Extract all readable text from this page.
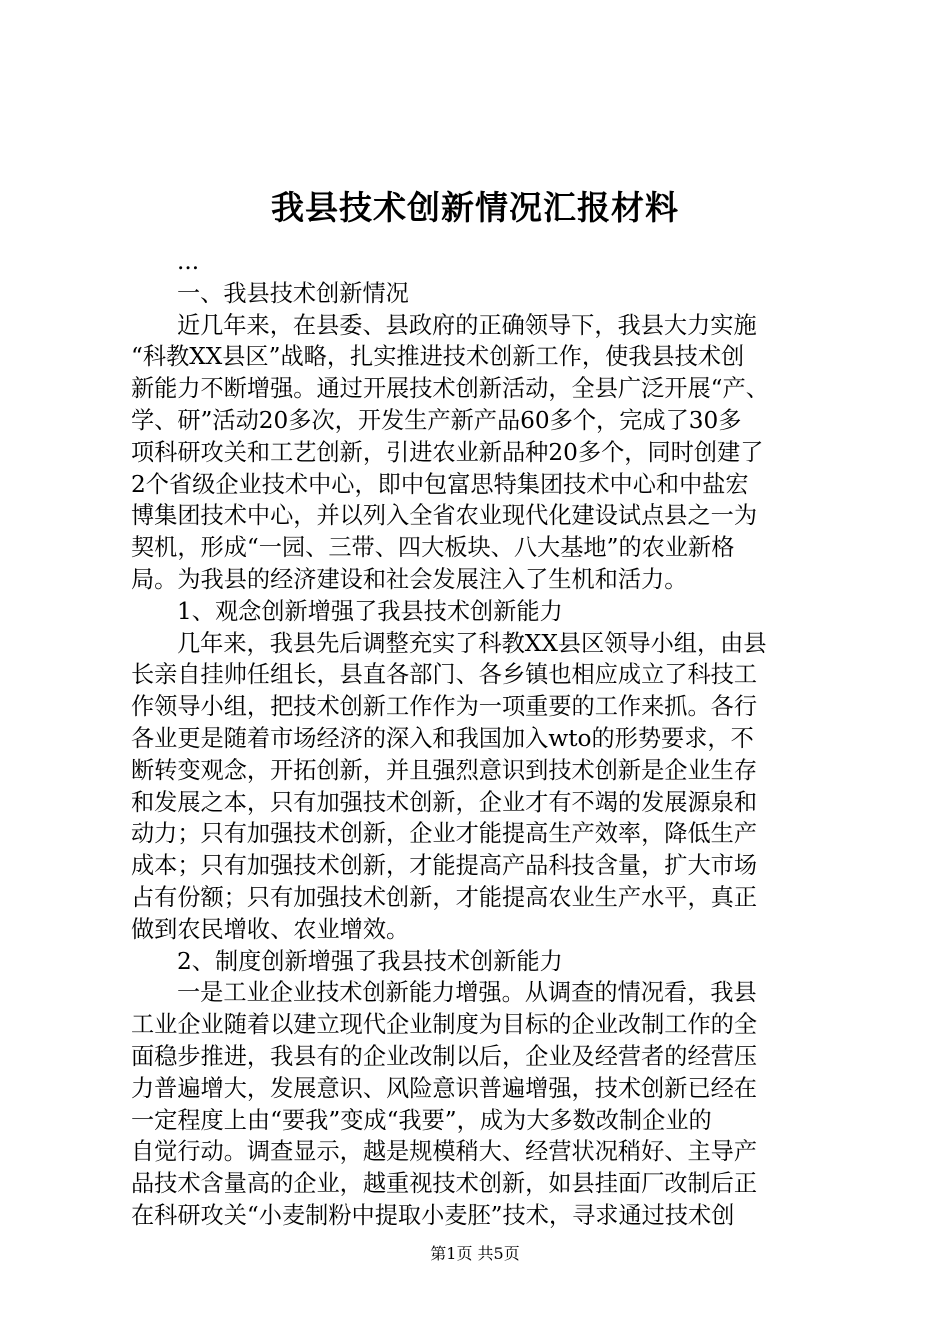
我县技术创新情况汇报材料
...
一、我县技术创新情况
近几年来，在县委、县政府的正确领导下，我县大力实施
“科教XX县区”战略，扎实推进技术创新工作，使我县技术创
新能力不断增强。通过开展技术创新活动，全县广泛开展“产、
学、研”活动20多次，开发生产新产品60多个，完成了30多
项科研攻关和工艺创新，引进农业新品种20多个，同时创建了
2个省级企业技术中心，即中包富思特集团技术中心和中盐宏
博集团技术中心，并以列入全省农业现代化建设试点县之一为
契机，形成“一园、三带、四大板块、八大基地”的农业新格
局。为我县的经济建设和社会发展注入了生机和活力。
1、观念创新增强了我县技术创新能力
几年来，我县先后调整充实了科教XX县区领导小组，由县
长亲自挂帅任组长，县直各部门、各乡镇也相应成立了科技工
作领导小组，把技术创新工作作为一项重要的工作来抓。各行
各业更是随着市场经济的深入和我国加入wto的形势要求，不
断转变观念，开拓创新，并且强烈意识到技术创新是企业生存
和发展之本，只有加强技术创新，企业才有不竭的发展源泉和
动力；只有加强技术创新，企业才能提高生产效率，降低生产
成本；只有加强技术创新，才能提高产品科技含量，扩大市场
占有份额；只有加强技术创新，才能提高农业生产水平，真正
做到农民增收、农业增效。
2、制度创新增强了我县技术创新能力
一是工业企业技术创新能力增强。从调查的情况看，我县
工业企业随着以建立现代企业制度为目标的企业改制工作的全
面稳步推进，我县有的企业改制以后，企业及经营者的经营压
力普遍增大，发展意识、风险意识普遍增强，技术创新已经在
一定程度上由“要我”变成“我要”，成为大多数改制企业的
自觉行动。调查显示，越是规模稍大、经营状况稍好、主导产
品技术含量高的企业，越重视技术创新，如县挂面厂改制后正
在科研攻关“小麦制粉中提取小麦胚”技术，寻求通过技术创
第1页 共5页
